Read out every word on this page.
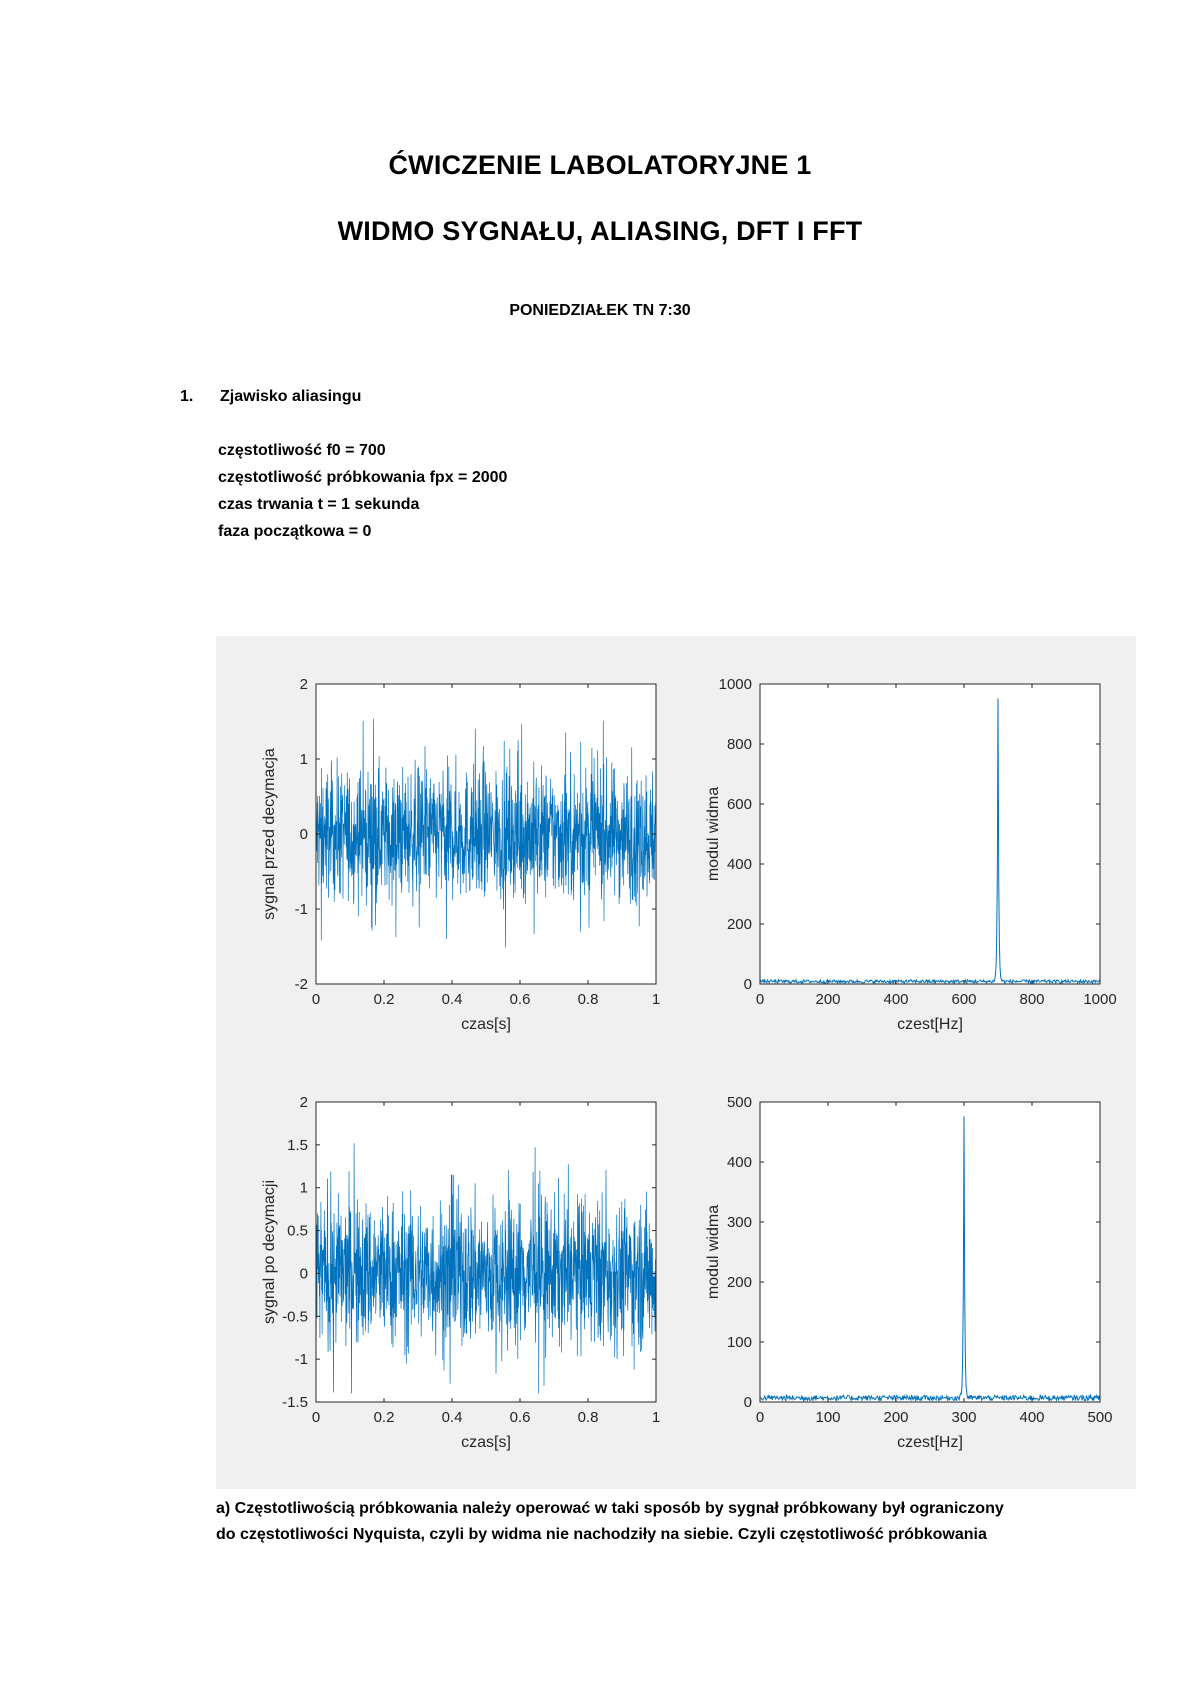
ĆWICZENIE LABOLATORYJNE 1
WIDMO SYGNAŁU, ALIASING, DFT I FFT
PONIEDZIAŁEK TN 7:30
1. Zjawisko aliasingu
częstotliwość f0 = 700
częstotliwość próbkowania fpx = 2000
czas trwania t = 1 sekunda
faza początkowa = 0
0	0.2	0.4	0.6	0.8	1
-2
-1
0
1
2
czas[s]
sygnal przed decymacja
0	200	400	600	800	1000
0
200
400
600
800
1000
czest[Hz]
modul widma
0	0.2	0.4	0.6	0.8	1
-1.5
-1
-0.5
0
0.5
1
1.5
2
czas[s]
sygnal po decymacji
0	100	200	300	400	500
0
100
200
300
400
500
czest[Hz]
modul widma
a) Częstotliwością próbkowania należy operować w taki sposób by sygnał próbkowany był ograniczony
do częstotliwości Nyquista, czyli by widma nie nachodziły na siebie. Czyli częstotliwość próbkowania
